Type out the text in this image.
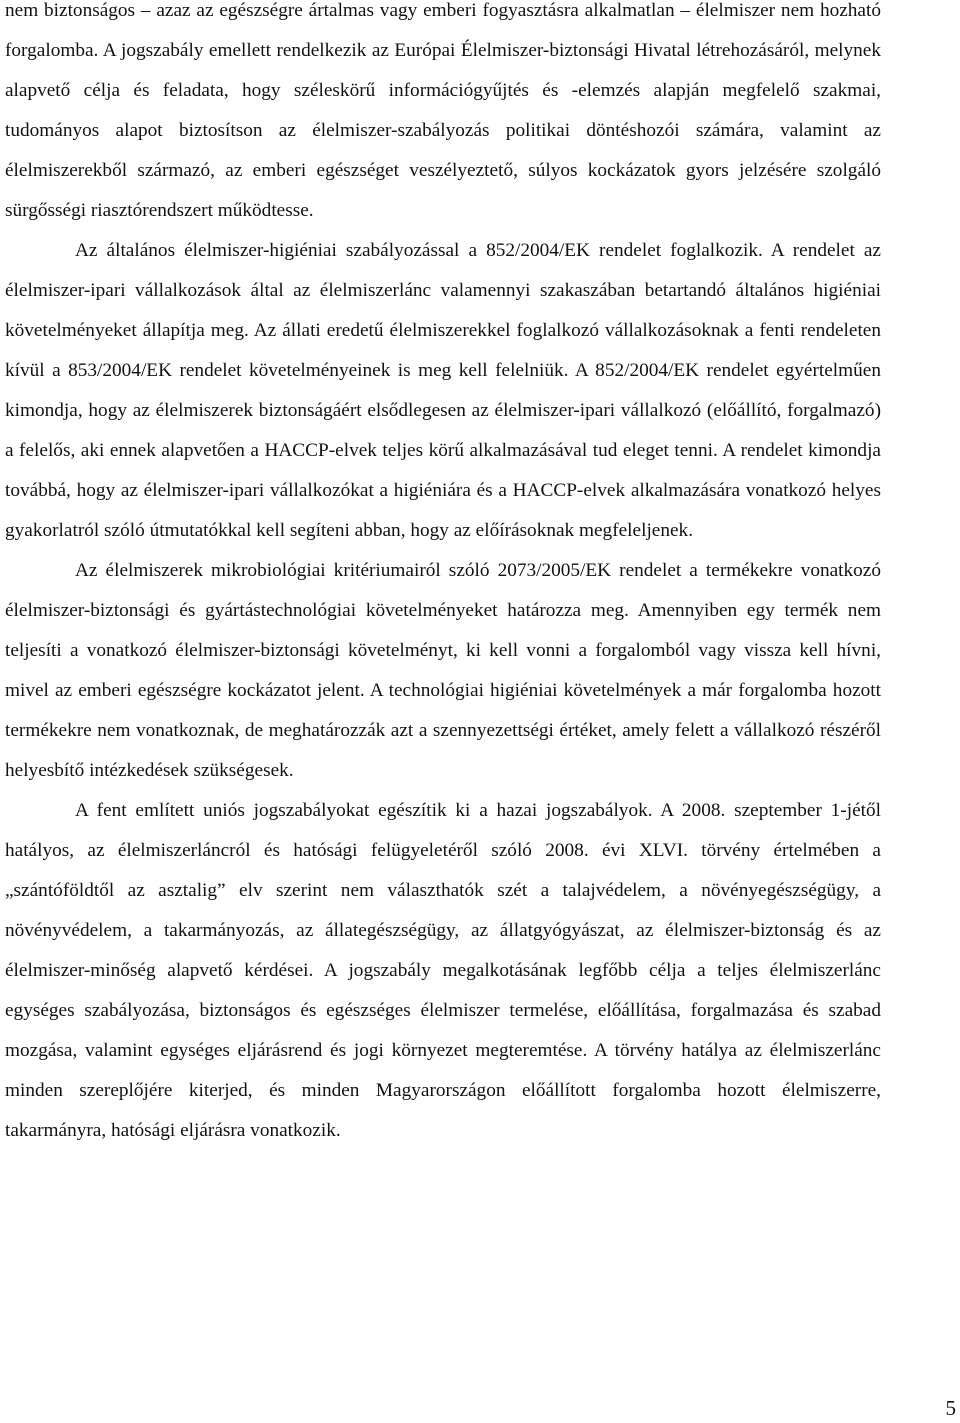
nem biztonságos – azaz az egészségre ártalmas vagy emberi fogyasztásra alkalmatlan – élelmiszer nem hozható forgalomba. A jogszabály emellett rendelkezik az Európai Élelmiszer-biztonsági Hivatal létrehozásáról, melynek alapvető célja és feladata, hogy széleskörű információgyűjtés és -elemzés alapján megfelelő szakmai, tudományos alapot biztosítson az élelmiszer-szabályozás politikai döntéshozói számára, valamint az élelmiszerekből származó, az emberi egészséget veszélyeztető, súlyos kockázatok gyors jelzésére szolgáló sürgősségi riasztórendszert működtesse.

Az általános élelmiszer-higiéniai szabályozással a 852/2004/EK rendelet foglalkozik. A rendelet az élelmiszer-ipari vállalkozások által az élelmiszerlánc valamennyi szakaszában betartandó általános higiéniai követelményeket állapítja meg. Az állati eredetű élelmiszerekkel foglalkozó vállalkozásoknak a fenti rendeleten kívül a 853/2004/EK rendelet követelményeinek is meg kell felelniük. A 852/2004/EK rendelet egyértelműen kimondja, hogy az élelmiszerek biztonságáért elsődlegesen az élelmiszer-ipari vállalkozó (előállító, forgalmazó) a felelős, aki ennek alapvetően a HACCP-elvek teljes körű alkalmazásával tud eleget tenni. A rendelet kimondja továbbá, hogy az élelmiszer-ipari vállalkozókat a higiéniára és a HACCP-elvek alkalmazására vonatkozó helyes gyakorlatról szóló útmutatókkal kell segíteni abban, hogy az előírásoknak megfeleljenek.

Az élelmiszerek mikrobiológiai kritériumairól szóló 2073/2005/EK rendelet a termékekre vonatkozó élelmiszer-biztonsági és gyártástechnológiai követelményeket határozza meg. Amennyiben egy termék nem teljesíti a vonatkozó élelmiszer-biztonsági követelményt, ki kell vonni a forgalomból vagy vissza kell hívni, mivel az emberi egészségre kockázatot jelent. A technológiai higiéniai követelmények a már forgalomba hozott termékekre nem vonatkoznak, de meghatározzák azt a szennyezettségi értéket, amely felett a vállalkozó részéről helyesbítő intézkedések szükségesek.

A fent említett uniós jogszabályokat egészítik ki a hazai jogszabályok. A 2008. szeptember 1-jétől hatályos, az élelmiszerláncról és hatósági felügyeletéről szóló 2008. évi XLVI. törvény értelmében a „szántóföldtől az asztalig” elv szerint nem választhatók szét a talajvédelem, a növényegészségügy, a növényvédelem, a takarmányozás, az állategészségügy, az állatgyógyászat, az élelmiszer-biztonság és az élelmiszer-minőség alapvető kérdései. A jogszabály megalkotásának legfőbb célja a teljes élelmiszerlánc egységes szabályozása, biztonságos és egészséges élelmiszer termelése, előállítása, forgalmazása és szabad mozgása, valamint egységes eljárásrend és jogi környezet megteremtése. A törvény hatálya az élelmiszerlánc minden szereplőjére kiterjed, és minden Magyarországon előállított forgalomba hozott élelmiszerre, takarmányra, hatósági eljárásra vonatkozik.

5
